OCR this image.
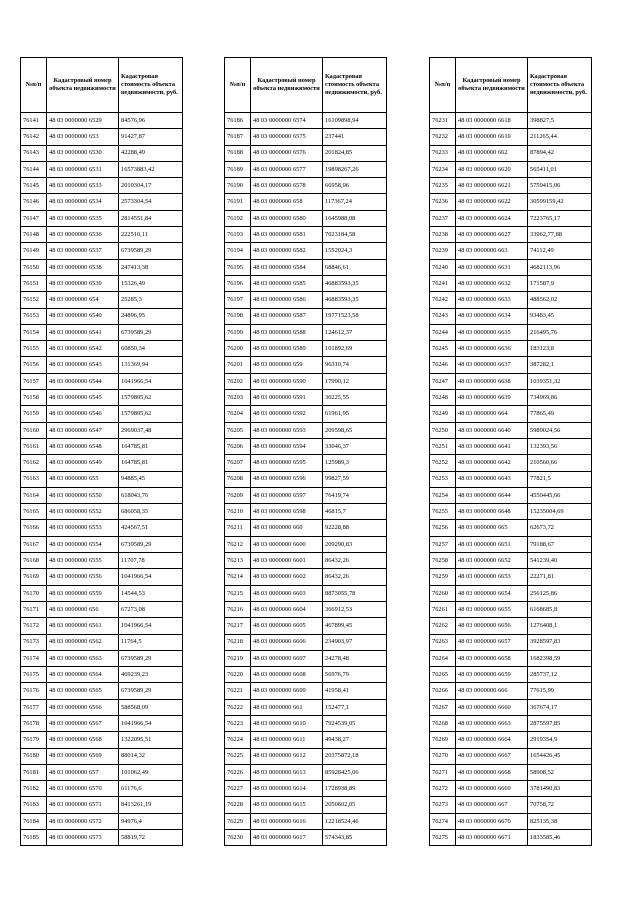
№п/п	Кадастровый номер объекта недвижимости	Кадастровая стоимость объекта недвижимости, руб.
76141	48 03 0000000 6529	84576,96
76142	48 03 0000000 653	91427,87
76143	48 03 0000000 6530	42288,49
76144	48 03 0000000 6531	16573883,42
76145	48 03 0000000 6533	2010304,17
76146	48 03 0000000 6534	2573304,54
76147	48 03 0000000 6535	2814551,84
76148	48 03 0000000 6536	222510,11
76149	48 03 0000000 6537	6739589,29
76150	48 03 0000000 6538	247413,38
76151	48 03 0000000 6539	15326,49
76152	48 03 0000000 654	25285,3
76153	48 03 0000000 6540	24896,95
76154	48 03 0000000 6541	6739589,29
76155	48 03 0000000 6542	60850,34
76156	48 03 0000000 6543	131369,94
76157	48 03 0000000 6544	1041966,54
76158	48 03 0000000 6545	1579805,62
76159	48 03 0000000 6546	1579805,62
76160	48 03 0000000 6547	2969037,48
76161	48 03 0000000 6548	164785,81
76162	48 03 0000000 6549	164785,81
76163	48 03 0000000 655	94885,45
76164	48 03 0000000 6550	618043,76
76165	48 03 0000000 6552	686058,35
76166	48 03 0000000 6553	424567,51
76167	48 03 0000000 6554	6739589,29
76168	48 03 0000000 6555	11707,78
76169	48 03 0000000 6556	1041966,54
76170	48 03 0000000 6559	14544,53
76171	48 03 0000000 656	67273,08
76172	48 03 0000000 6561	1041966,54
76173	48 03 0000000 6562	11764,5
76174	48 03 0000000 6563	6739589,29
76175	48 03 0000000 6564	469239,23
76176	48 03 0000000 6565	6739589,29
76177	48 03 0000000 6566	588568,09
76178	48 03 0000000 6567	1041966,54
76179	48 03 0000000 6568	1322095,51
76180	48 03 0000000 6569	88014,32
76181	48 03 0000000 657	101062,49
76182	48 03 0000000 6570	61176,6
76183	48 03 0000000 6571	8413261,19
76184	48 03 0000000 6572	94976,4
76185	48 03 0000000 6573	58819,72
№п/п	Кадастровый номер объекта недвижимости	Кадастровая стоимость объекта недвижимости, руб.
76186	48 03 0000000 6574	16109898,94
76187	48 03 0000000 6575	237441
76188	48 03 0000000 6576	201824,85
76189	48 03 0000000 6577	19898267,26
76190	48 03 0000000 6578	66958,96
76191	48 03 0000000 658	117367,24
76192	48 03 0000000 6580	1645988,08
76193	48 03 0000000 6581	7023184,58
76194	48 03 0000000 6582	1552024,3
76195	48 03 0000000 6584	68846,61
76196	48 03 0000000 6585	46883593,35
76197	48 03 0000000 6586	46883593,35
76198	48 03 0000000 6587	19771523,58
76199	48 03 0000000 6588	124612,37
76200	48 03 0000000 6589	101892,69
76201	48 03 0000000 659	96310,74
76202	48 03 0000000 6590	17990,12
76203	48 03 0000000 6591	30225,55
76204	48 03 0000000 6592	61961,95
76205	48 03 0000000 6593	209598,65
76206	48 03 0000000 6594	33046,37
76207	48 03 0000000 6595	125989,3
76208	48 03 0000000 6596	99827,59
76209	48 03 0000000 6597	76419,74
76210	48 03 0000000 6598	46815,7
76211	48 03 0000000 660	92228,88
76212	48 03 0000000 6600	209290,83
76213	48 03 0000000 6601	86432,26
76214	48 03 0000000 6602	86432,26
76215	48 03 0000000 6603	8873055,78
76216	48 03 0000000 6604	366912,53
76217	48 03 0000000 6605	467899,45
76218	48 03 0000000 6606	234903,97
76219	48 03 0000000 6607	24278,48
76220	48 03 0000000 6608	56976,79
76221	48 03 0000000 6609	41958,41
76222	48 03 0000000 661	152477,1
76223	48 03 0000000 6610	7924539,05
76224	48 03 0000000 6611	49438,27
76225	48 03 0000000 6612	20375872,18
76226	48 03 0000000 6613	85928425,06
76227	48 03 0000000 6614	1728938,89
76228	48 03 0000000 6615	2050602,05
76229	48 03 0000000 6616	12218524,46
76230	48 03 0000000 6617	574343,85
№п/п	Кадастровый номер объекта недвижимости	Кадастровая стоимость объекта недвижимости, руб.
76231	48 03 0000000 6618	398827,5
76232	48 03 0000000 6619	211265,44
76233	48 03 0000000 662	87894,42
76234	48 03 0000000 6620	565411,01
76235	48 03 0000000 6621	5759415,06
76236	48 03 0000000 6622	30599159,42
76237	48 03 0000000 6624	7223765,17
76238	48 03 0000000 6627	33962,77,88
76239	48 03 0000000 663	74112,49
76240	48 03 0000000 6631	4682113,96
76241	48 03 0000000 6632	171587,9
76242	48 03 0000000 6633	488562,02
76243	48 03 0000000 6634	93483,45
76244	48 03 0000000 6635	216495,76
76245	48 03 0000000 6636	183123,8
76246	48 03 0000000 6637	387282,1
76247	48 03 0000000 6638	1039351,32
76248	48 03 0000000 6639	734969,86
76249	48 03 0000000 664	77865,49
76250	48 03 0000000 6640	5989024,56
76251	48 03 0000000 6641	132393,56
76252	48 03 0000000 6642	210560,66
76253	48 03 0000000 6643	77821,5
76254	48 03 0000000 6644	4550445,66
76255	48 03 0000000 6648	15235004,69
76256	48 03 0000000 665	62673,72
76257	48 03 0000000 6651	79188,67
76258	48 03 0000000 6652	541239,40
76259	48 03 0000000 6653	22271,81
76260	48 03 0000000 6654	256125,86
76261	48 03 0000000 6655	6168685,8
76262	48 03 0000000 6656	1276408,1
76263	48 03 0000000 6657	3928597,83
76264	48 03 0000000 6658	1682398,59
76265	48 03 0000000 6659	285737,12
76266	48 03 0000000 666	77615,99
76267	48 03 0000000 6660	367674,17
76268	48 03 0000000 6663	2875597,85
76269	48 03 0000000 6664	2919354,9
76270	48 03 0000000 6667	1654426,45
76271	48 03 0000000 6668	58908,52
76272	48 03 0000000 6669	3781490,83
76273	48 03 0000000 667	70758,72
76274	48 03 0000000 6670	825135,38
76275	48 03 0000000 6671	1833585,46
